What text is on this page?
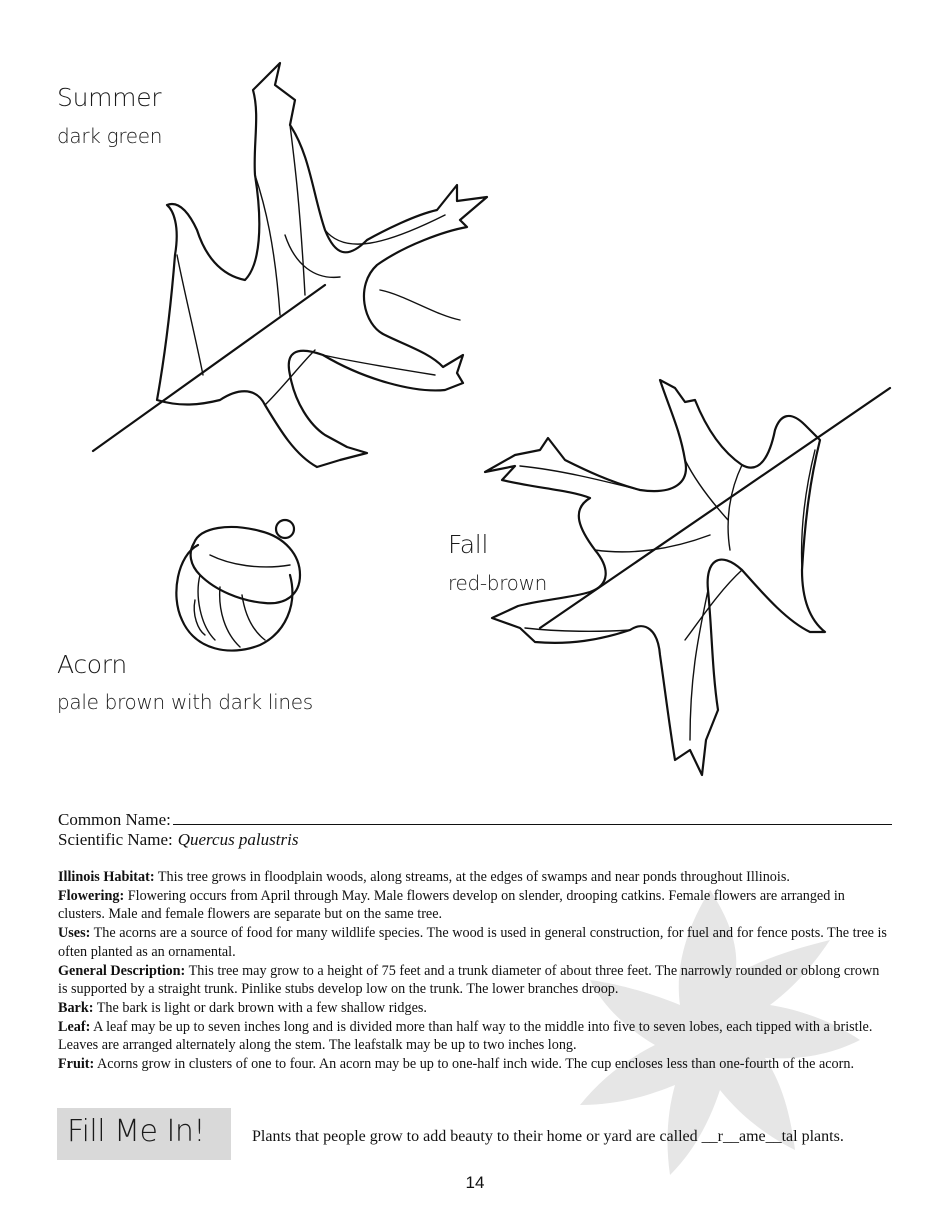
Summer
dark green
Fall
red-brown
Acorn
pale brown with dark lines
Common Name:
Scientific Name: Quercus palustris

Illinois Habitat: This tree grows in floodplain woods, along streams, at the edges of swamps and near ponds throughout Illinois.

Flowering: Flowering occurs from April through May. Male flowers develop on slender, drooping catkins. Female flowers are arranged in clusters. Male and female flowers are separate but on the same tree.

Uses: The acorns are a source of food for many wildlife species. The wood is used in general construction, for fuel and for fence posts. The tree is often planted as an ornamental.

General Description: This tree may grow to a height of 75 feet and a trunk diameter of about three feet. The narrowly rounded or oblong crown is supported by a straight trunk. Pinlike stubs develop low on the trunk. The lower branches droop.

Bark: The bark is light or dark brown with a few shallow ridges.

Leaf: A leaf may be up to seven inches long and is divided more than half way to the middle into five to seven lobes, each tipped with a bristle. Leaves are arranged alternately along the stem. The leafstalk may be up to two inches long.

Fruit: Acorns grow in clusters of one to four. An acorn may be up to one-half inch wide. The cup encloses less than one-fourth of the acorn.

Fill Me In!	Plants that people grow to add beauty to their home or yard are called __r__ame__tal plants.
14
